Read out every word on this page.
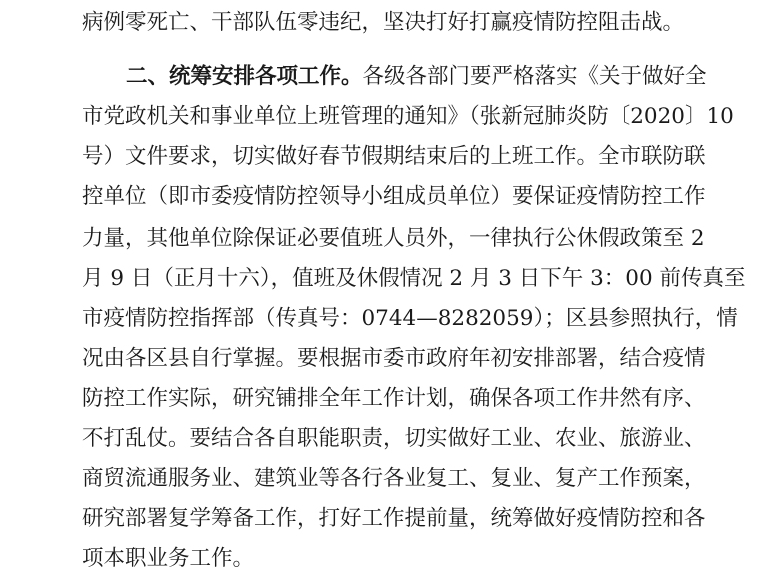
病例零死亡、干部队伍零违纪，坚决打好打赢疫情防控阻击战。
二、统筹安排各项工作。各级各部门要严格落实《关于做好全
市党政机关和事业单位上班管理的通知》（张新冠肺炎防〔2020〕10
号）文件要求，切实做好春节假期结束后的上班工作。全市联防联
控单位（即市委疫情防控领导小组成员单位）要保证疫情防控工作
力量，其他单位除保证必要值班人员外，一律执行公休假政策至 2
月 9 日（正月十六），值班及休假情况 2 月 3 日下午 3：00 前传真至
市疫情防控指挥部（传真号：0744—8282059）；区县参照执行，情
况由各区县自行掌握。要根据市委市政府年初安排部署，结合疫情
防控工作实际，研究铺排全年工作计划，确保各项工作井然有序、
不打乱仗。要结合各自职能职责，切实做好工业、农业、旅游业、
商贸流通服务业、建筑业等各行各业复工、复业、复产工作预案，
研究部署复学筹备工作，打好工作提前量，统筹做好疫情防控和各
项本职业务工作。
